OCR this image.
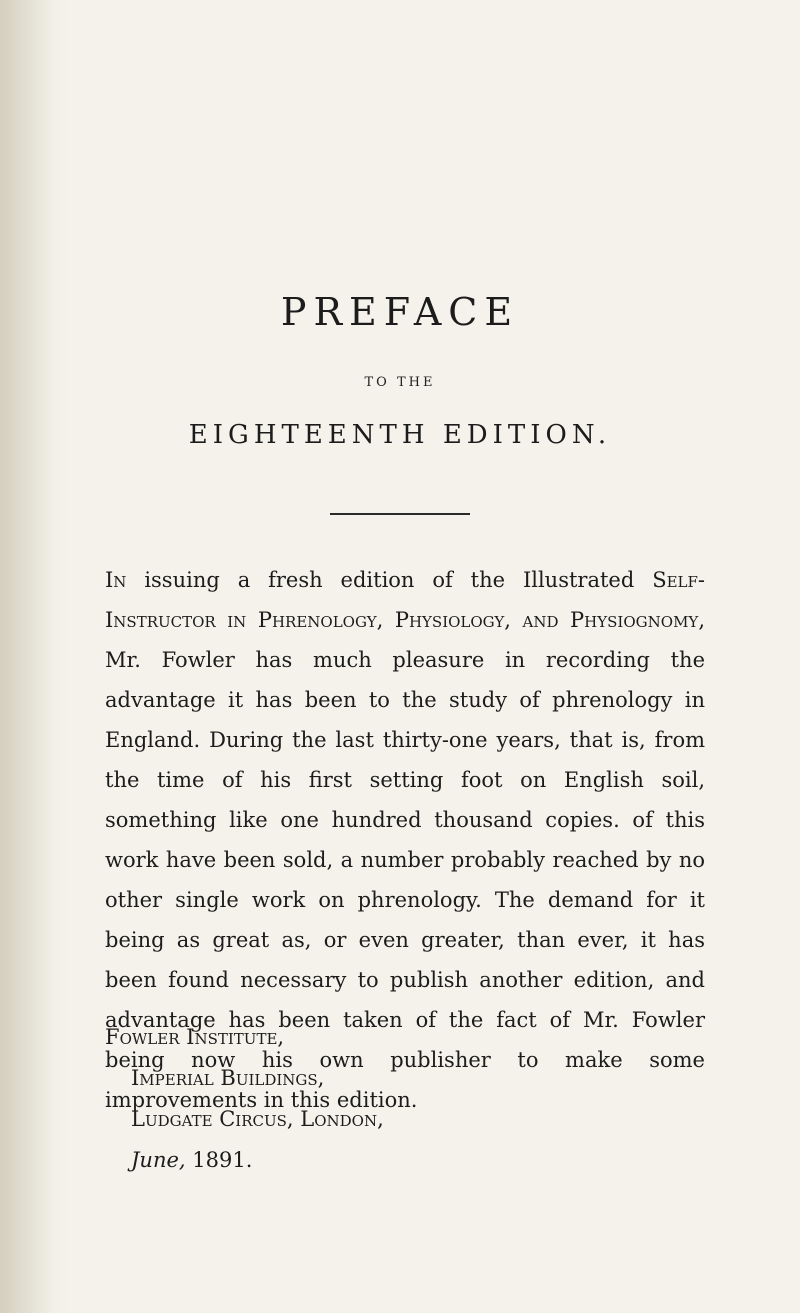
PREFACE
TO THE
EIGHTEENTH EDITION.
In issuing a fresh edition of the Illustrated Self-Instructor in Phrenology, Physiology, and Physiognomy, Mr. Fowler has much pleasure in recording the advantage it has been to the study of phrenology in England. During the last thirty-one years, that is, from the time of his first setting foot on English soil, something like one hundred thousand copies. of this work have been sold, a number probably reached by no other single work on phrenology. The demand for it being as great as, or even greater, than ever, it has been found necessary to publish another edition, and advantage has been taken of the fact of Mr. Fowler being now his own publisher to make some improvements in this edition.
Fowler Institute,
Imperial Buildings,
Ludgate Circus, London,
June, 1891.
